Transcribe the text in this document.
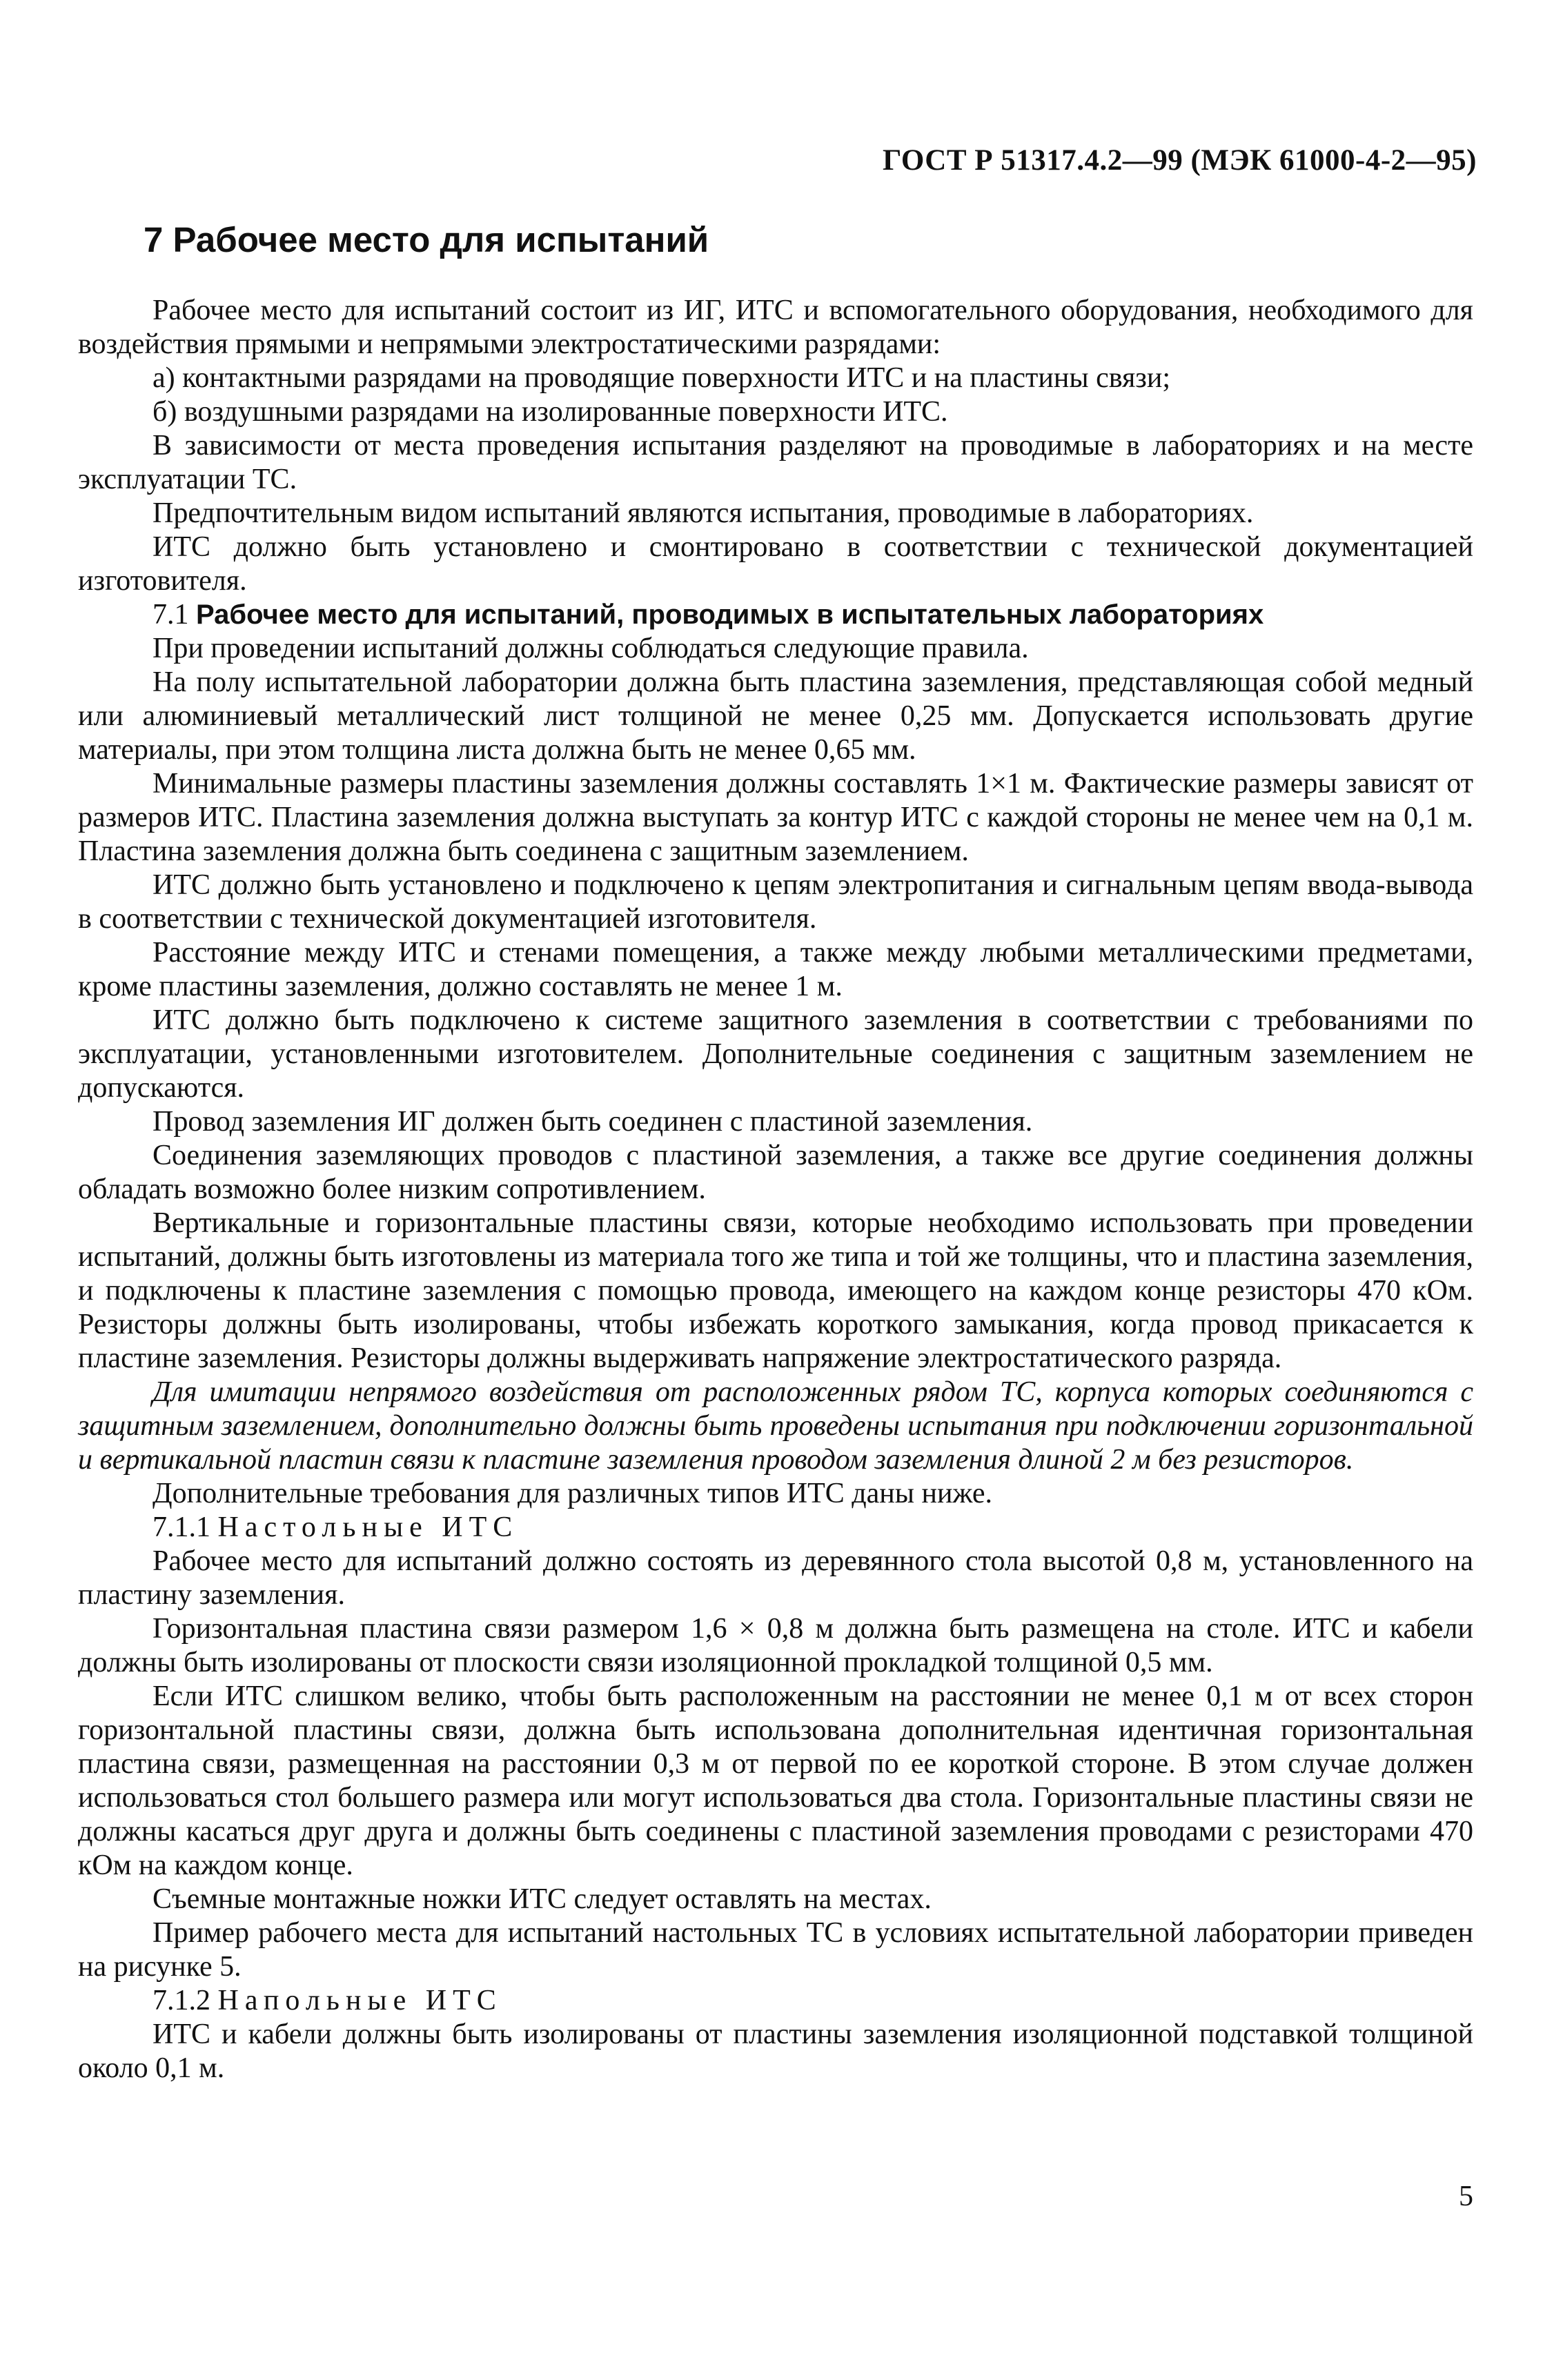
ГОСТ Р 51317.4.2—99 (МЭК 61000-4-2—95)
7 Рабочее место для испытаний

Рабочее место для испытаний состоит из ИГ, ИТС и вспомогательного оборудования, необходимого для воздействия прямыми и непрямыми электростатическими разрядами:

а) контактными разрядами на проводящие поверхности ИТС и на пластины связи;

б) воздушными разрядами на изолированные поверхности ИТС.

В зависимости от места проведения испытания разделяют на проводимые в лабораториях и на месте эксплуатации ТС.

Предпочтительным видом испытаний являются испытания, проводимые в лабораториях.

ИТС должно быть установлено и смонтировано в соответствии с технической документацией изготовителя.

7.1 Рабочее место для испытаний, проводимых в испытательных лабораториях

При проведении испытаний должны соблюдаться следующие правила.

На полу испытательной лаборатории должна быть пластина заземления, представляющая собой медный или алюминиевый металлический лист толщиной не менее 0,25 мм. Допускается использовать другие материалы, при этом толщина листа должна быть не менее 0,65 мм.

Минимальные размеры пластины заземления должны составлять 1×1 м. Фактические размеры зависят от размеров ИТС. Пластина заземления должна выступать за контур ИТС с каждой стороны не менее чем на 0,1 м. Пластина заземления должна быть соединена с защитным заземлением.

ИТС должно быть установлено и подключено к цепям электропитания и сигнальным цепям ввода-вывода в соответствии с технической документацией изготовителя.

Расстояние между ИТС и стенами помещения, а также между любыми металлическими предметами, кроме пластины заземления, должно составлять не менее 1 м.

ИТС должно быть подключено к системе защитного заземления в соответствии с требованиями по эксплуатации, установленными изготовителем. Дополнительные соединения с защитным заземлением не допускаются.

Провод заземления ИГ должен быть соединен с пластиной заземления.

Соединения заземляющих проводов с пластиной заземления, а также все другие соединения должны обладать возможно более низким сопротивлением.

Вертикальные и горизонтальные пластины связи, которые необходимо использовать при проведении испытаний, должны быть изготовлены из материала того же типа и той же толщины, что и пластина заземления, и подключены к пластине заземления с помощью провода, имеющего на каждом конце резисторы 470 кОм. Резисторы должны быть изолированы, чтобы избежать короткого замыкания, когда провод прикасается к пластине заземления. Резисторы должны выдерживать напряжение электростатического разряда.

Для имитации непрямого воздействия от расположенных рядом ТС, корпуса которых соединяются с защитным заземлением, дополнительно должны быть проведены испытания при подключении горизонтальной и вертикальной пластин связи к пластине заземления проводом заземления длиной 2 м без резисторов.

Дополнительные требования для различных типов ИТС даны ниже.

7.1.1 Настольные ИТС

Рабочее место для испытаний должно состоять из деревянного стола высотой 0,8 м, установленного на пластину заземления.

Горизонтальная пластина связи размером 1,6 × 0,8 м должна быть размещена на столе. ИТС и кабели должны быть изолированы от плоскости связи изоляционной прокладкой толщиной 0,5 мм.

Если ИТС слишком велико, чтобы быть расположенным на расстоянии не менее 0,1 м от всех сторон горизонтальной пластины связи, должна быть использована дополнительная идентичная горизонтальная пластина связи, размещенная на расстоянии 0,3 м от первой по ее короткой стороне. В этом случае должен использоваться стол большего размера или могут использоваться два стола. Горизонтальные пластины связи не должны касаться друг друга и должны быть соединены с пластиной заземления проводами с резисторами 470 кОм на каждом конце.

Съемные монтажные ножки ИТС следует оставлять на местах.

Пример рабочего места для испытаний настольных ТС в условиях испытательной лаборатории приведен на рисунке 5.

7.1.2 Напольные ИТС

ИТС и кабели должны быть изолированы от пластины заземления изоляционной подставкой толщиной около 0,1 м.

5
